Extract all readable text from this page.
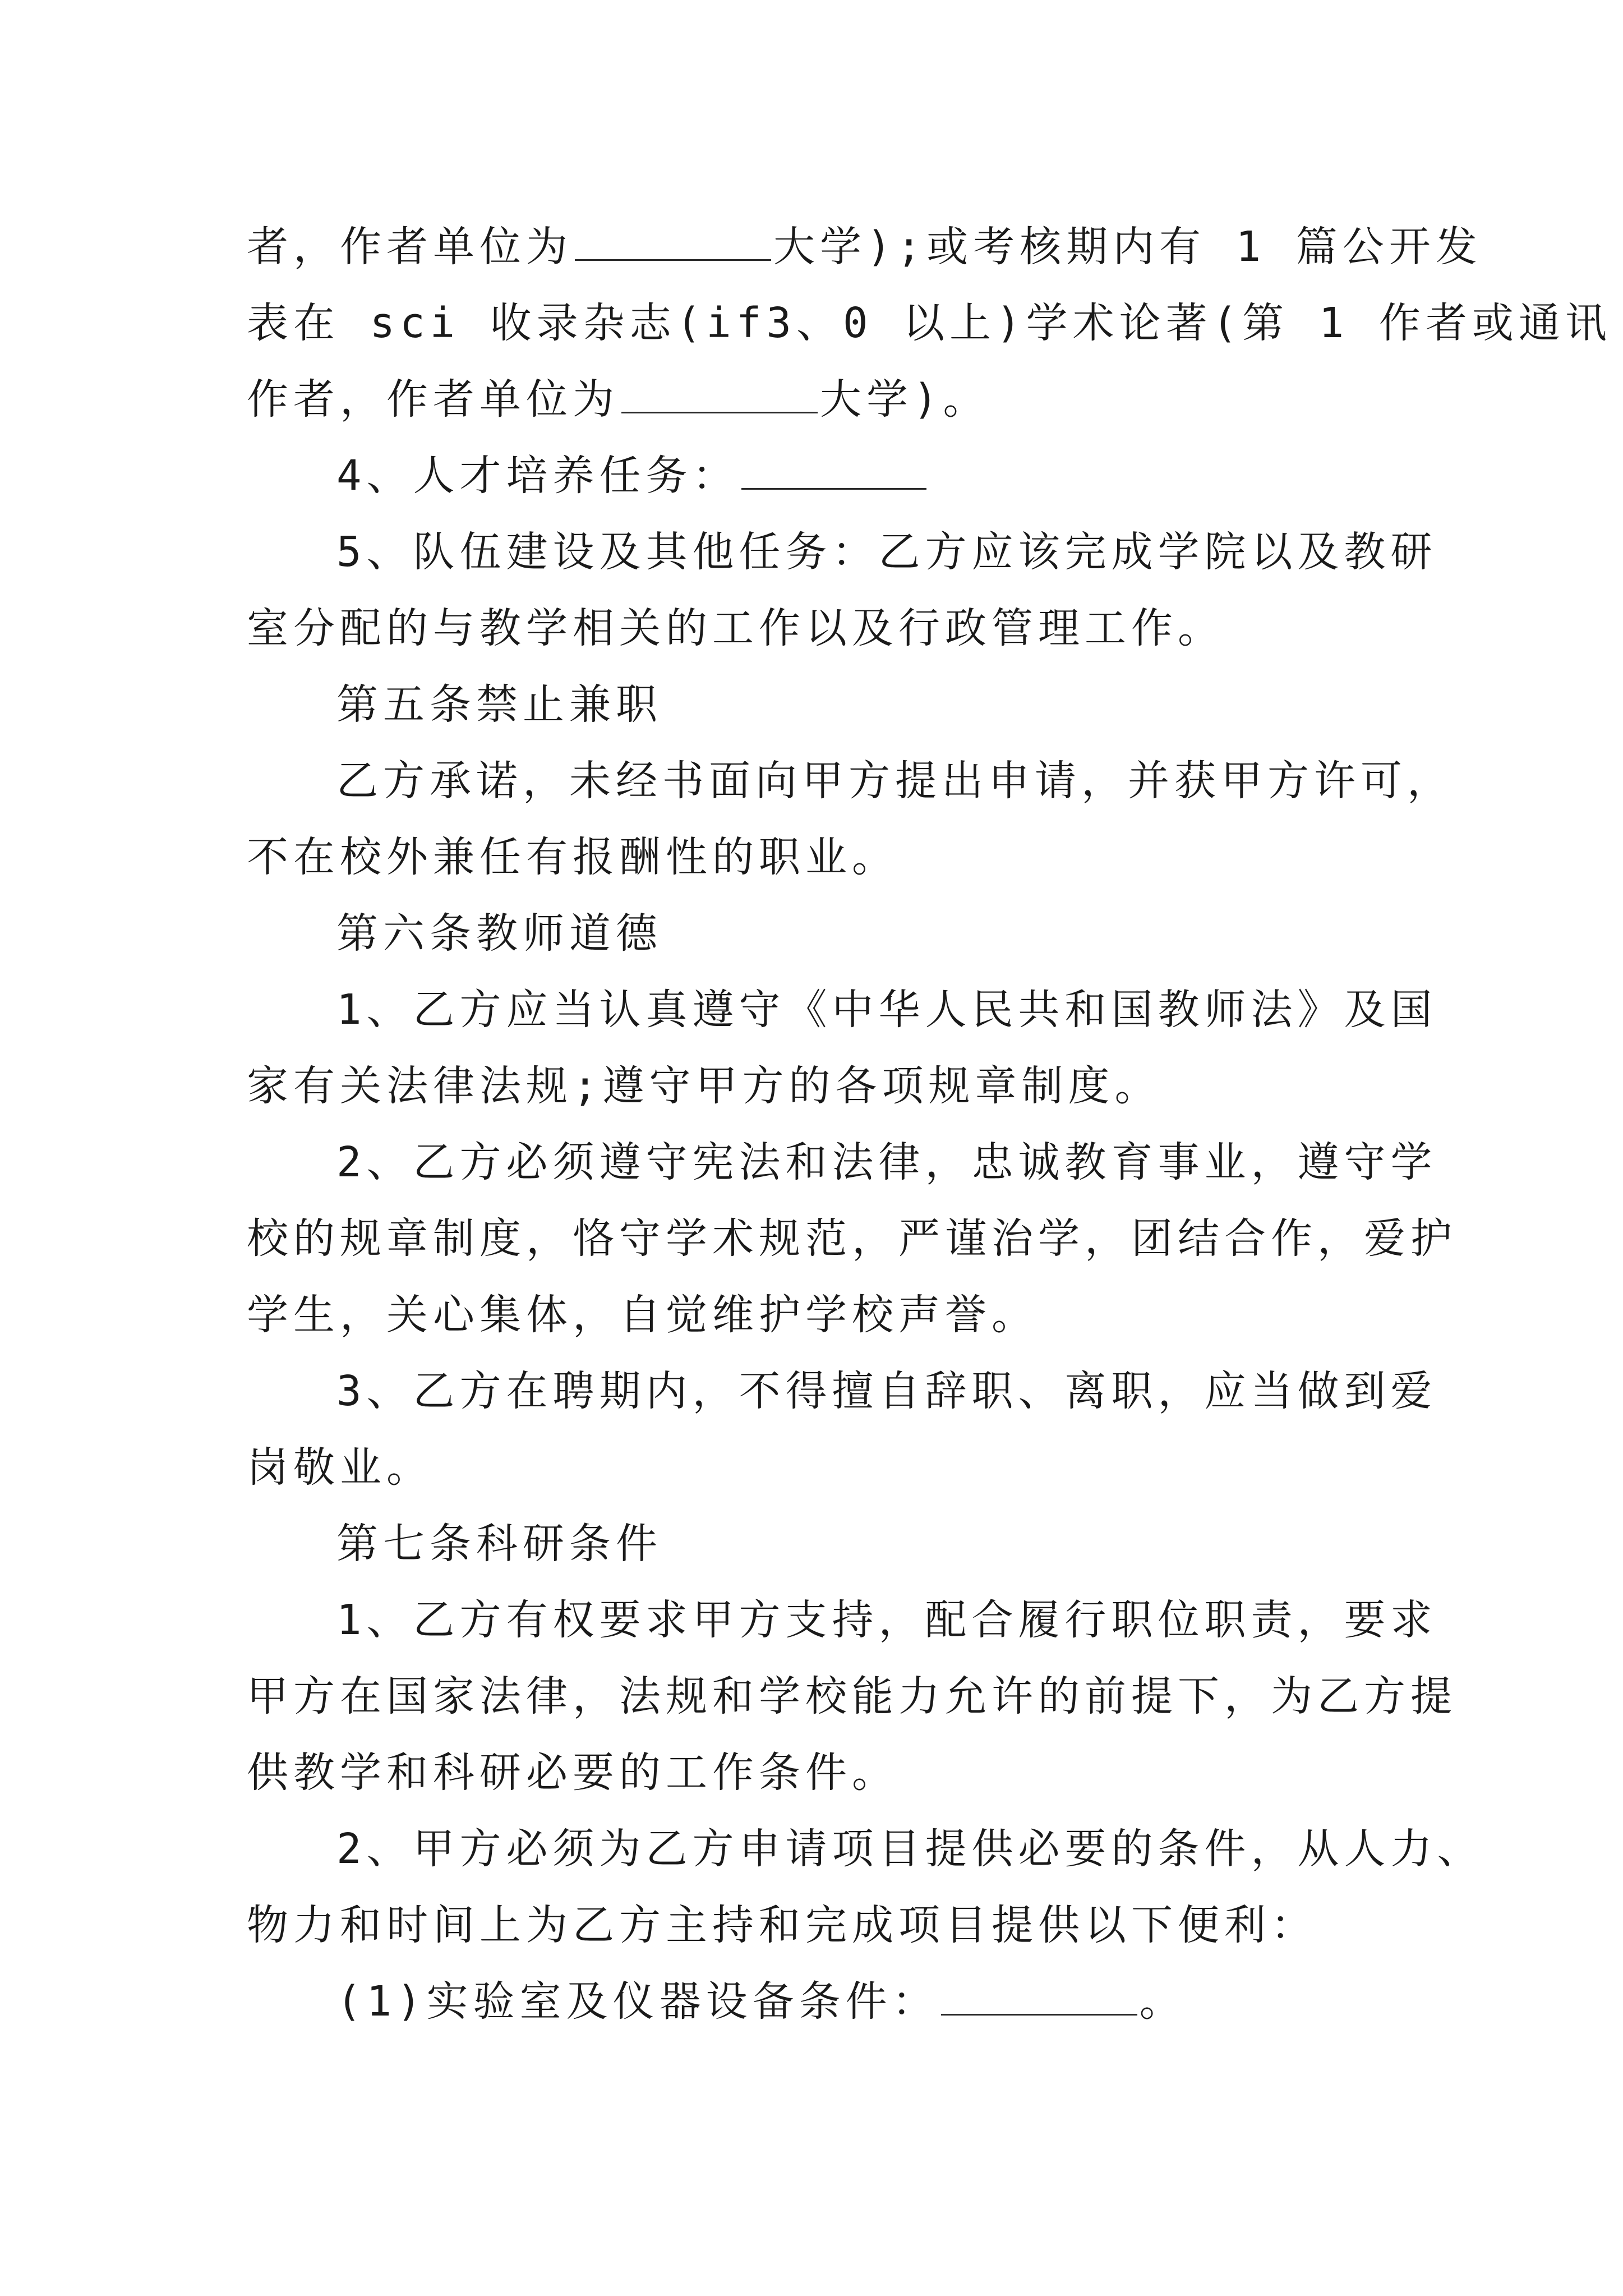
者，作者单位为	大学);或考核期内有 1 篇公开发
表在 sci 收录杂志(if3、0 以上)学术论著(第 1 作者或通讯
作者，作者单位为	大学)。
4、人才培养任务：
5、队伍建设及其他任务：乙方应该完成学院以及教研
室分配的与教学相关的工作以及行政管理工作。
第五条禁止兼职
乙方承诺，未经书面向甲方提出申请，并获甲方许可，
不在校外兼任有报酬性的职业。
第六条教师道德
1、乙方应当认真遵守《中华人民共和国教师法》及国
家有关法律法规;遵守甲方的各项规章制度。
2、乙方必须遵守宪法和法律，忠诚教育事业，遵守学
校的规章制度，恪守学术规范，严谨治学，团结合作，爱护
学生，关心集体，自觉维护学校声誉。
3、乙方在聘期内，不得擅自辞职、离职，应当做到爱
岗敬业。
第七条科研条件
1、乙方有权要求甲方支持，配合履行职位职责，要求
甲方在国家法律，法规和学校能力允许的前提下，为乙方提
供教学和科研必要的工作条件。
2、甲方必须为乙方申请项目提供必要的条件，从人力、
物力和时间上为乙方主持和完成项目提供以下便利：
(1)实验室及仪器设备条件：	。
